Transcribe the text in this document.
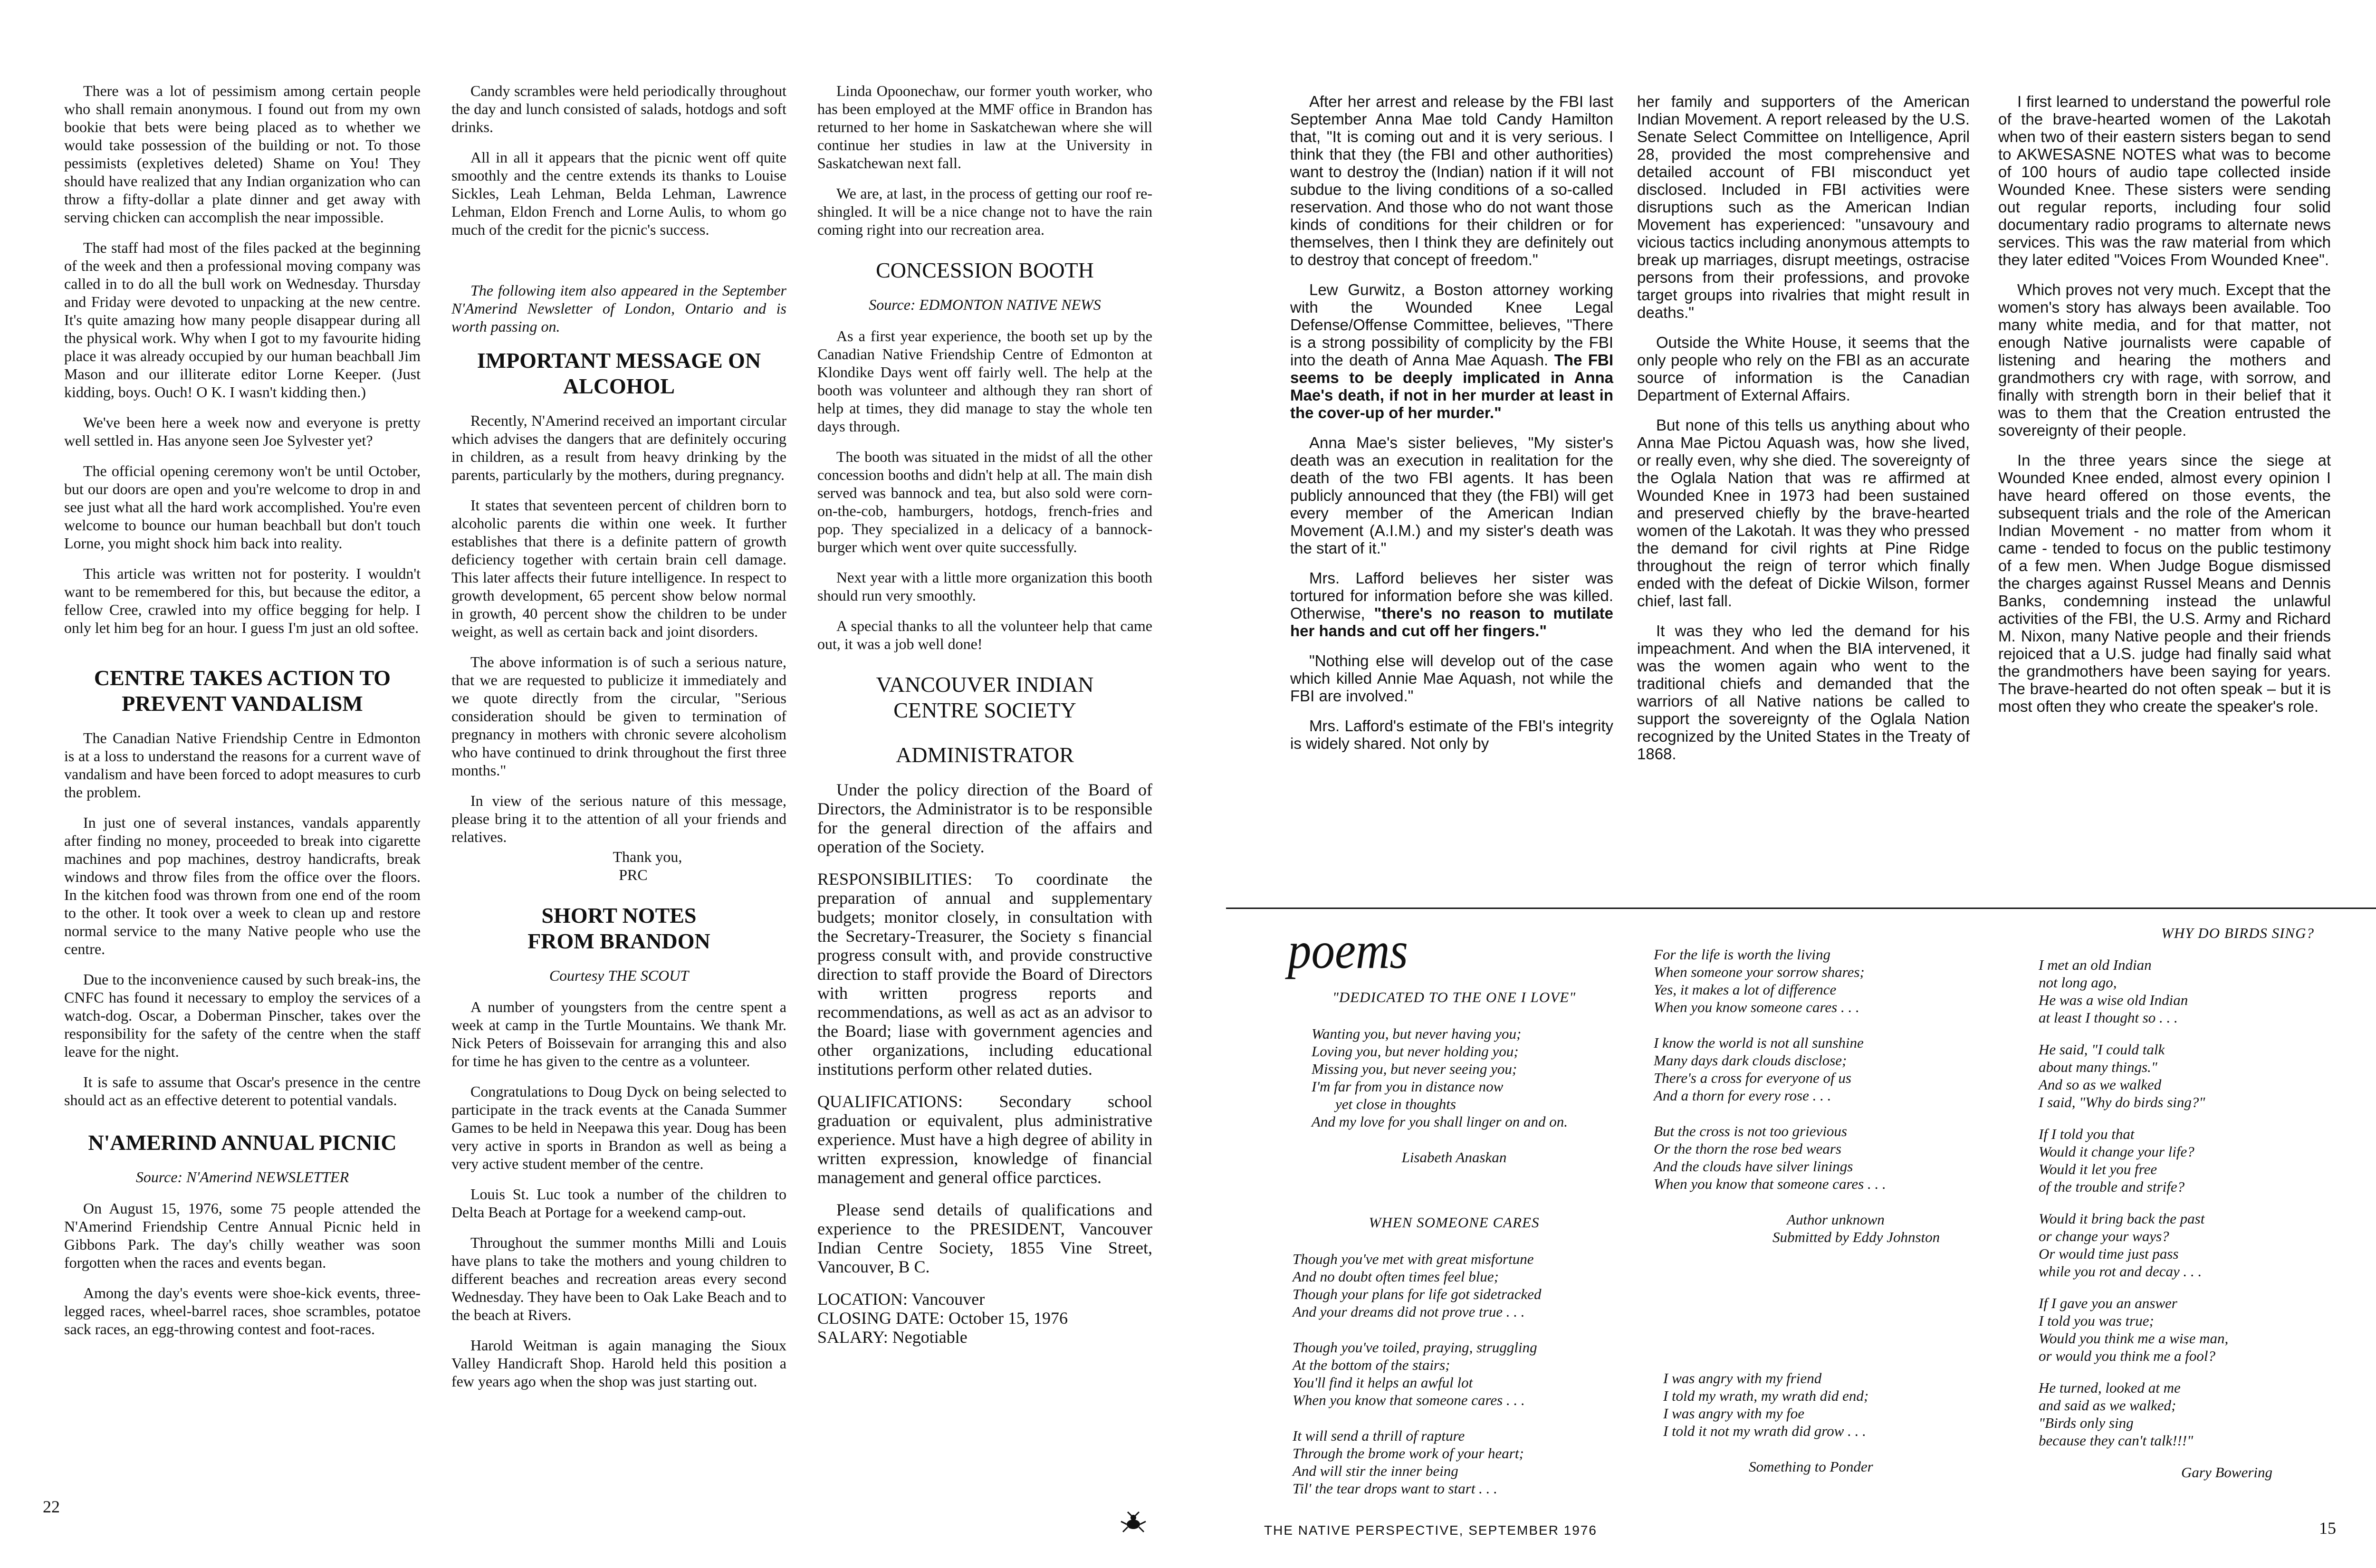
There was a lot of pessimism among certain people who shall remain anonymous. I found out from my own bookie that bets were being placed as to whether we would take possession of the building or not. To those pessimists (expletives deleted) Shame on You! They should have realized that any Indian organization who can throw a fifty-dollar a plate dinner and get away with serving chicken can accomplish the near impossible.

The staff had most of the files packed at the beginning of the week and then a professional moving company was called in to do all the bull work on Wednesday. Thursday and Friday were devoted to unpacking at the new centre. It's quite amazing how many people disappear during all the physical work. Why when I got to my favourite hiding place it was already occupied by our human beachball Jim Mason and our illiterate editor Lorne Keeper. (Just kidding, boys. Ouch! O K. I wasn't kidding then.)

We've been here a week now and everyone is pretty well settled in. Has anyone seen Joe Sylvester yet?

The official opening ceremony won't be until October, but our doors are open and you're welcome to drop in and see just what all the hard work accomplished. You're even welcome to bounce our human beachball but don't touch Lorne, you might shock him back into reality.

This article was written not for posterity. I wouldn't want to be remembered for this, but because the editor, a fellow Cree, crawled into my office begging for help. I only let him beg for an hour. I guess I'm just an old softee.

CENTRE TAKES ACTION TO PREVENT VANDALISM

The Canadian Native Friendship Centre in Edmonton is at a loss to understand the reasons for a current wave of vandalism and have been forced to adopt measures to curb the problem.

In just one of several instances, vandals apparently after finding no money, proceeded to break into cigarette machines and pop machines, destroy handicrafts, break windows and throw files from the office over the floors. In the kitchen food was thrown from one end of the room to the other. It took over a week to clean up and restore normal service to the many Native people who use the centre.

Due to the inconvenience caused by such break-ins, the CNFC has found it necessary to employ the services of a watch-dog. Oscar, a Doberman Pinscher, takes over the responsibility for the safety of the centre when the staff leave for the night.

It is safe to assume that Oscar's presence in the centre should act as an effective deterent to potential vandals.

N'AMERIND ANNUAL PICNIC
Source: N'Amerind NEWSLETTER

On August 15, 1976, some 75 people attended the N'Amerind Friendship Centre Annual Picnic held in Gibbons Park. The day's chilly weather was soon forgotten when the races and events began.

Among the day's events were shoe-kick events, three-legged races, wheel-barrel races, shoe scrambles, potatoe sack races, an egg-throwing contest and foot-races.

Candy scrambles were held periodically throughout the day and lunch consisted of salads, hotdogs and soft drinks.

All in all it appears that the picnic went off quite smoothly and the centre extends its thanks to Louise Sickles, Leah Lehman, Belda Lehman, Lawrence Lehman, Eldon French and Lorne Aulis, to whom go much of the credit for the picnic's success.

The following item also appeared in the September N'Amerind Newsletter of London, Ontario and is worth passing on.

IMPORTANT MESSAGE ON ALCOHOL

Recently, N'Amerind received an important circular which advises the dangers that are definitely occuring in children, as a result from heavy drinking by the parents, particularly by the mothers, during pregnancy.

It states that seventeen percent of children born to alcoholic parents die within one week. It further establishes that there is a definite pattern of growth deficiency together with certain brain cell damage. This later affects their future intelligence. In respect to growth development, 65 percent show below normal in growth, 40 percent show the children to be under weight, as well as certain back and joint disorders.

The above information is of such a serious nature, that we are requested to publicize it immediately and we quote directly from the circular, "Serious consideration should be given to termination of pregnancy in mothers with chronic severe alcoholism who have continued to drink throughout the first three months."

In view of the serious nature of this message, please bring it to the attention of all your friends and relatives.

Thank you,
PRC
SHORT NOTES FROM BRANDON
Courtesy THE SCOUT

A number of youngsters from the centre spent a week at camp in the Turtle Mountains. We thank Mr. Nick Peters of Boissevain for arranging this and also for time he has given to the centre as a volunteer.

Congratulations to Doug Dyck on being selected to participate in the track events at the Canada Summer Games to be held in Neepawa this year. Doug has been very active in sports in Brandon as well as being a very active student member of the centre.

Louis St. Luc took a number of the children to Delta Beach at Portage for a weekend camp-out.

Throughout the summer months Milli and Louis have plans to take the mothers and young children to different beaches and recreation areas every second Wednesday. They have been to Oak Lake Beach and to the beach at Rivers.

Harold Weitman is again managing the Sioux Valley Handicraft Shop. Harold held this position a few years ago when the shop was just starting out.

Linda Opoonechaw, our former youth worker, who has been employed at the MMF office in Brandon has returned to her home in Saskatchewan where she will continue her studies in law at the University in Saskatchewan next fall.

We are, at last, in the process of getting our roof re-shingled. It will be a nice change not to have the rain coming right into our recreation area.

CONCESSION BOOTH
Source: EDMONTON NATIVE NEWS

As a first year experience, the booth set up by the Canadian Native Friendship Centre of Edmonton at Klondike Days went off fairly well. The help at the booth was volunteer and although they ran short of help at times, they did manage to stay the whole ten days through.

The booth was situated in the midst of all the other concession booths and didn't help at all. The main dish served was bannock and tea, but also sold were corn-on-the-cob, hamburgers, hotdogs, french-fries and pop. They specialized in a delicacy of a bannock-burger which went over quite successfully.

Next year with a little more organization this booth should run very smoothly.

A special thanks to all the volunteer help that came out, it was a job well done!

VANCOUVER INDIAN CENTRE SOCIETY
ADMINISTRATOR

Under the policy direction of the Board of Directors, the Administrator is to be responsible for the general direction of the affairs and operation of the Society.

RESPONSIBILITIES: To coordinate the preparation of annual and supplementary budgets; monitor closely, in consultation with the Secretary-Treasurer, the Society s financial progress consult with, and provide constructive direction to staff provide the Board of Directors with written progress reports and recommendations, as well as act as an advisor to the Board; liase with government agencies and other organizations, including educational institutions perform other related duties.

QUALIFICATIONS: Secondary school graduation or equivalent, plus administrative experience. Must have a high degree of ability in written expression, knowledge of financial management and general office parctices.

Please send details of qualifications and experience to the PRESIDENT, Vancouver Indian Centre Society, 1855 Vine Street, Vancouver, B C.

LOCATION: Vancouver
CLOSING DATE: October 15, 1976
SALARY: Negotiable
22

After her arrest and release by the FBI last September Anna Mae told Candy Hamilton that, "It is coming out and it is very serious. I think that they (the FBI and other authorities) want to destroy the (Indian) nation if it will not subdue to the living conditions of a so-called reservation. And those who do not want those kinds of conditions for their children or for themselves, then I think they are definitely out to destroy that concept of freedom."

Lew Gurwitz, a Boston attorney working with the Wounded Knee Legal Defense/Offense Committee, believes, "There is a strong possibility of complicity by the FBI into the death of Anna Mae Aquash. The FBI seems to be deeply implicated in Anna Mae's death, if not in her murder at least in the cover-up of her murder."

Anna Mae's sister believes, "My sister's death was an execution in realitation for the death of the two FBI agents. It has been publicly announced that they (the FBI) will get every member of the American Indian Movement (A.I.M.) and my sister's death was the start of it."

Mrs. Lafford believes her sister was tortured for information before she was killed. Otherwise, "there's no reason to mutilate her hands and cut off her fingers."

"Nothing else will develop out of the case which killed Annie Mae Aquash, not while the FBI are involved."

Mrs. Lafford's estimate of the FBI's integrity is widely shared. Not only by

her family and supporters of the American Indian Movement. A report released by the U.S. Senate Select Committee on Intelligence, April 28, provided the most comprehensive and detailed account of FBI misconduct yet disclosed. Included in FBI activities were disruptions such as the American Indian Movement has experienced: "unsavoury and vicious tactics including anonymous attempts to break up marriages, disrupt meetings, ostracise persons from their professions, and provoke target groups into rivalries that might result in deaths."

Outside the White House, it seems that the only people who rely on the FBI as an accurate source of information is the Canadian Department of External Affairs.

But none of this tells us anything about who Anna Mae Pictou Aquash was, how she lived, or really even, why she died. The sovereignty of the Oglala Nation that was re affirmed at Wounded Knee in 1973 had been sustained and preserved chiefly by the brave-hearted women of the Lakotah. It was they who pressed the demand for civil rights at Pine Ridge throughout the reign of terror which finally ended with the defeat of Dickie Wilson, former chief, last fall.

It was they who led the demand for his impeachment. And when the BIA intervened, it was the women again who went to the traditional chiefs and demanded that the warriors of all Native nations be called to support the sovereignty of the Oglala Nation recognized by the United States in the Treaty of 1868.

I first learned to understand the powerful role of the brave-hearted women of the Lakotah when two of their eastern sisters began to send to AKWESASNE NOTES what was to become of 100 hours of audio tape collected inside Wounded Knee. These sisters were sending out regular reports, including four solid documentary radio programs to alternate news services. This was the raw material from which they later edited "Voices From Wounded Knee".

Which proves not very much. Except that the women's story has always been available. Too many white media, and for that matter, not enough Native journalists were capable of listening and hearing the mothers and grandmothers cry with rage, with sorrow, and finally with strength born in their belief that it was to them that the Creation entrusted the sovereignty of their people.

In the three years since the siege at Wounded Knee ended, almost every opinion I have heard offered on those events, the subsequent trials and the role of the American Indian Movement - no matter from whom it came - tended to focus on the public testimony of a few men. When Judge Bogue dismissed the charges against Russel Means and Dennis Banks, condemning instead the unlawful activities of the FBI, the U.S. Army and Richard M. Nixon, many Native people and their friends rejoiced that a U.S. judge had finally said what the grandmothers have been saying for years. The brave-hearted do not often speak – but it is most often they who create the speaker's role.

poems
"DEDICATED TO THE ONE I LOVE"
Wanting you, but never having you;
Loving you, but never holding you;
Missing you, but never seeing you;
I'm far from you in distance now
yet close in thoughts
And my love for you shall linger on and on.
Lisabeth Anaskan
WHEN SOMEONE CARES
Though you've met with great misfortune
And no doubt often times feel blue;
Though your plans for life got sidetracked
And your dreams did not prove true . . .
Though you've toiled, praying, struggling
At the bottom of the stairs;
You'll find it helps an awful lot
When you know that someone cares . . .
It will send a thrill of rapture
Through the brome work of your heart;
And will stir the inner being
Til' the tear drops want to start . . .
For the life is worth the living
When someone your sorrow shares;
Yes, it makes a lot of difference
When you know someone cares . . .
I know the world is not all sunshine
Many days dark clouds disclose;
There's a cross for everyone of us
And a thorn for every rose . . .
But the cross is not too grievious
Or the thorn the rose bed wears
And the clouds have silver linings
When you know that someone cares . . .
Author unknown
Submitted by Eddy Johnston
I was angry with my friend
I told my wrath, my wrath did end;
I was angry with my foe
I told it not my wrath did grow . . .
Something to Ponder
WHY DO BIRDS SING?
I met an old Indian
not long ago,
He was a wise old Indian
at least I thought so . . .
He said, "I could talk
about many things."
And so as we walked
I said, "Why do birds sing?"
If I told you that
Would it change your life?
Would it let you free
of the trouble and strife?
Would it bring back the past
or change your ways?
Or would time just pass
while you rot and decay . . .
If I gave you an answer
I told you was true;
Would you think me a wise man,
or would you think me a fool?
He turned, looked at me
and said as we walked;
"Birds only sing
because they can't talk!!!"
Gary Bowering
THE NATIVE PERSPECTIVE, SEPTEMBER 1976	15
